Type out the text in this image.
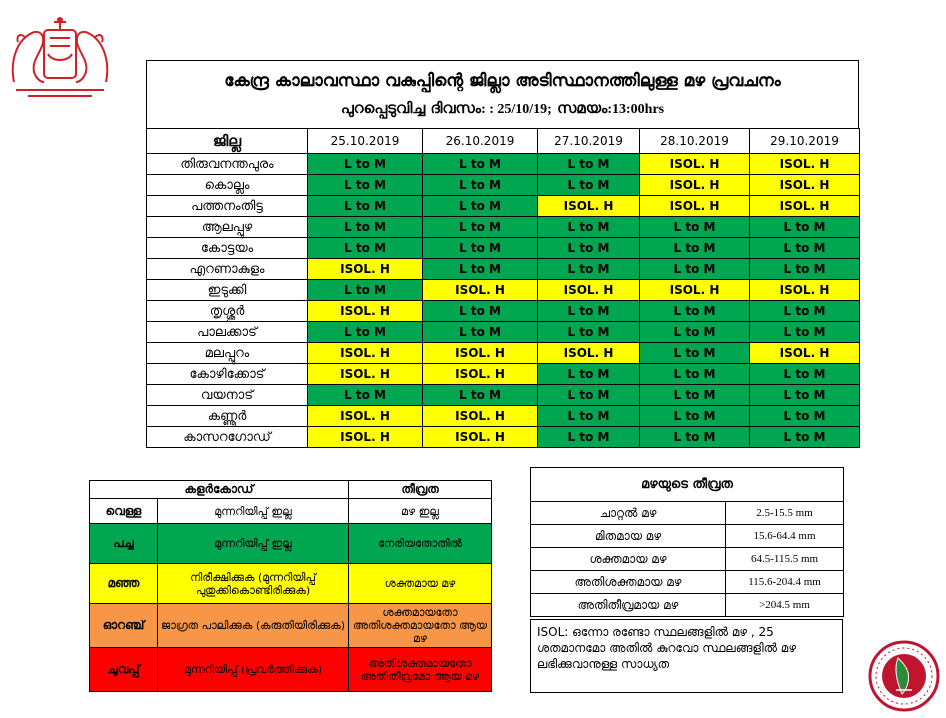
കേന്ദ്ര കാലാവസ്ഥാ വകുപ്പിന്റെ ജില്ലാ അടിസ്ഥാനത്തിലുള്ള മഴ പ്രവചനം
പുറപ്പെടുവിച്ച ദിവസം: : 25/10/19; സമയം:13:00hrs
ജില്ല	25.10.2019	26.10.2019	27.10.2019	28.10.2019	29.10.2019
തിരുവനന്തപുരം	L to M	L to M	L to M	ISOL. H	ISOL. H
കൊല്ലം	L to M	L to M	L to M	ISOL. H	ISOL. H
പത്തനംതിട്ട	L to M	L to M	ISOL. H	ISOL. H	ISOL. H
ആലപ്പുഴ	L to M	L to M	L to M	L to M	L to M
കോട്ടയം	L to M	L to M	L to M	L to M	L to M
എറണാകുളം	ISOL. H	L to M	L to M	L to M	L to M
ഇടുക്കി	L to M	ISOL. H	ISOL. H	ISOL. H	ISOL. H
തൃശ്ശൂർ	ISOL. H	L to M	L to M	L to M	L to M
പാലക്കാട്	L to M	L to M	L to M	L to M	L to M
മലപ്പുറം	ISOL. H	ISOL. H	ISOL. H	L to M	ISOL. H
കോഴിക്കോട്	ISOL. H	ISOL. H	L to M	L to M	L to M
വയനാട്	L to M	L to M	L to M	L to M	L to M
കണ്ണൂർ	ISOL. H	ISOL. H	L to M	L to M	L to M
കാസറഗോഡ്	ISOL. H	ISOL. H	L to M	L to M	L to M
കളർകോഡ്		തീവ്രത
വെള്ള	മുന്നറിയിപ്പ് ഇല്ല	മഴ ഇല്ല
പച്ച	മുന്നറിയിപ്പ് ഇല്ല	നേരിയതോതിൽ
മഞ്ഞ	നിരീക്ഷിക്കുക (മുന്നറിയിപ്പ് പുതുക്കികൊണ്ടിരിക്കുക)	ശക്തമായ മഴ
ഓറഞ്ച്	ജാഗ്രത പാലിക്കുക (കരുതിയിരിക്കുക)	ശക്തമായതോ അതിശക്തമായതോ ആയ മഴ
ചുവപ്പ്	മുന്നറിയിപ്പ് (പ്രവർത്തിക്കുക)	അതിശക്തമായതോ അതിതീവ്രമോ ആയ മഴ
മഴയുടെ തീവ്രത	
ചാറ്റൽ മഴ	2.5-15.5 mm
മിതമായ മഴ	15.6-64.4 mm
ശക്തമായ മഴ	64.5-115.5 mm
അതിശക്തമായ മഴ	115.6-204.4 mm
അതിതീവ്രമായ മഴ	>204.5 mm
ISOL: ഒന്നോ രണ്ടോ സ്ഥലങ്ങളിൽ മഴ , 25 ശതമാനമോ അതിൽ കുറവോ സ്ഥലങ്ങളിൽ മഴ ലഭിക്കുവാനുള്ള സാധ്യത
